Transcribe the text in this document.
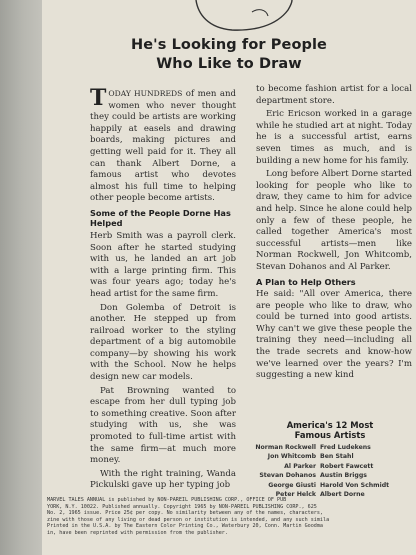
He's Looking for People
Who Like to Draw

TODAY HUNDREDS of men and women who never thought they could be artists are working happily at easels and drawing boards, making pictures and getting well paid for it. They all can thank Albert Dorne, a famous artist who devotes almost his full time to helping other people become artists.

Some of the People Dorne Has Helped

Herb Smith was a payroll clerk. Soon after he started studying with us, he landed an art job with a large printing firm. This was four years ago; today he's head artist for the same firm.

Don Golemba of Detroit is another. He stepped up from railroad worker to the styling department of a big automobile company—by showing his work with the School. Now he helps design new car models.

Pat Browning wanted to escape from her dull typing job to something creative. Soon after studying with us, she was promoted to full-time artist with the same firm—at much more money.

With the right training, Wanda Pickulski gave up her typing job

to become fashion artist for a local department store.

Eric Ericson worked in a garage while he studied art at night. Today he is a successful artist, earns seven times as much, and is building a new home for his family.

Long before Albert Dorne started looking for people who like to draw, they came to him for advice and help. Since he alone could help only a few of these people, he called together America's most successful artists—men like Norman Rockwell, Jon Whitcomb, Stevan Dohanos and Al Parker.

A Plan to Help Others

He said: "All over America, there are people who like to draw, who could be turned into good artists. Why can't we give these people the training they need—including all the trade secrets and know-how we've learned over the years? I'm suggesting a new kind

America's 12 Most
Famous Artists
Norman Rockwell Fred Ludekens
Jon Whitcomb Ben Stahl
Al Parker Robert Fawcett
Stevan Dohanos Austin Briggs
George Giusti Harold Von Schmidt
Peter Helck Albert Dorne
MARVEL TALES ANNUAL is published by NON-PAREIL PUBLISHING CORP., OFFICE OF PUB
YORK, N.Y. 10022. Published annually. Copyright 1965 by NON-PAREIL PUBLISHING CORP., 625
No. 2, 1965 issue. Price 25¢ per copy. No similarity between any of the names, characters,
zine with those of any living or dead person or institution is intended, and any such simila
Printed in the U.S.A. by The Eastern Color Printing Co., Waterbury 20, Conn. Martin Goodma
in, have been reprinted with permission from the publisher.
